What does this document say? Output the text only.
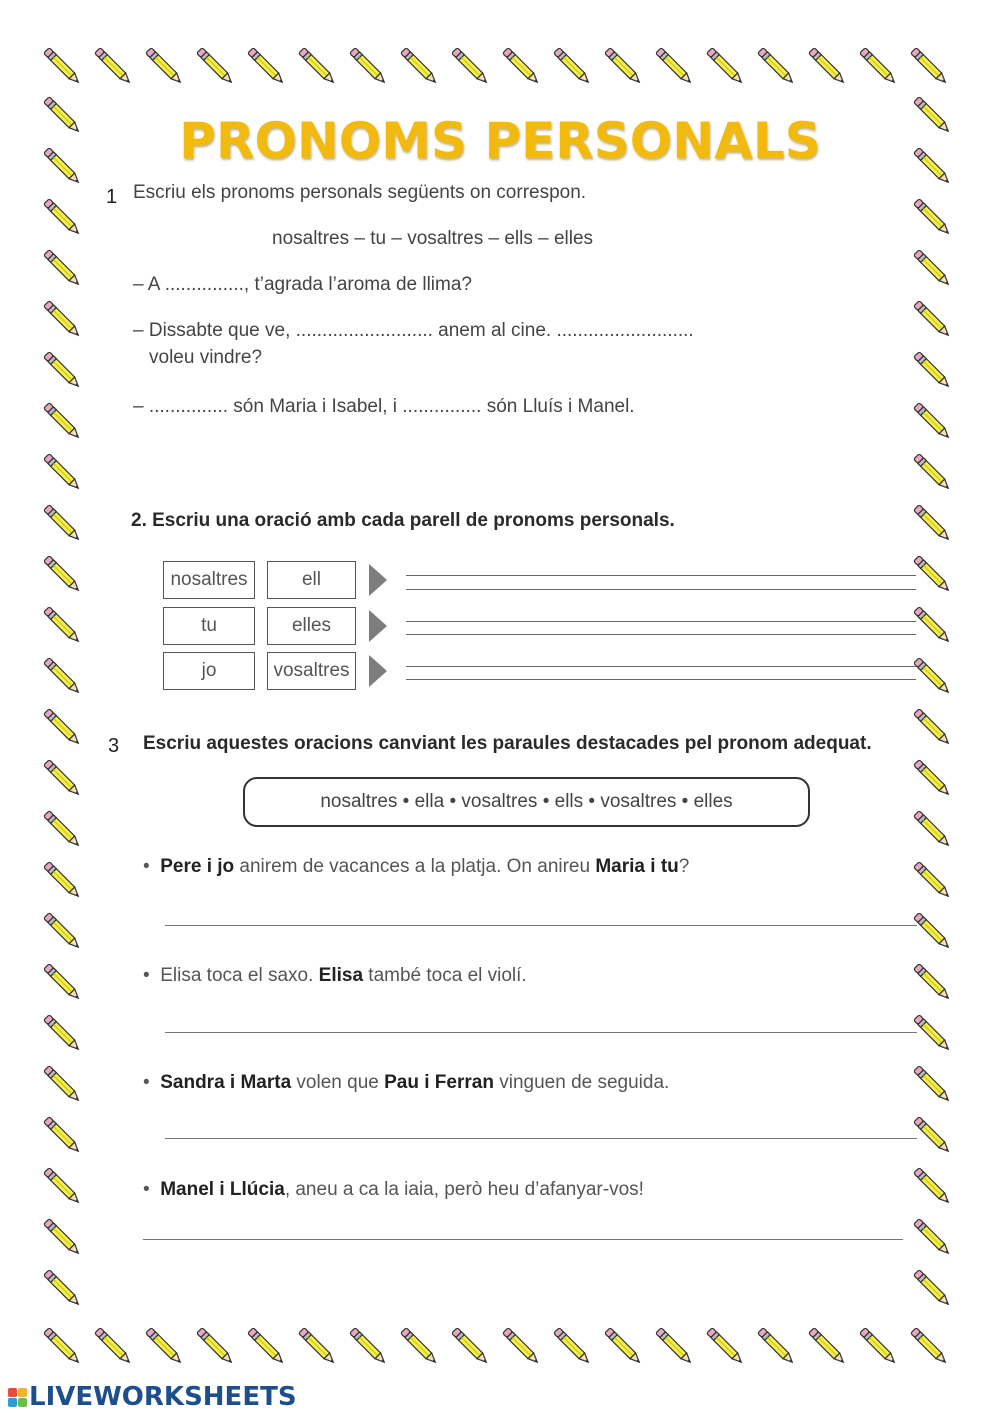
PRONOMS PERSONALS
1 Escriu els pronoms personals següents on correspon.
nosaltres – tu – vosaltres – ells – elles
– A ..............., t’agrada l’aroma de llima?
– Dissabte que ve, .......................... anem al cine. ..........................
voleu vindre?
– ............... són Maria i Isabel, i ............... són Lluís i Manel.
2. Escriu una oració amb cada parell de pronoms personals.
nosaltres	ell
tu	elles
jo	vosaltres
3 Escriu aquestes oracions canviant les paraules destacades pel pronom adequat.
nosaltres • ella • vosaltres • ells • vosaltres • elles
• Pere i jo anirem de vacances a la platja. On anireu Maria i tu?
• Elisa toca el saxo. Elisa també toca el violí.
• Sandra i Marta volen que Pau i Ferran vinguen de seguida.
• Manel i Llúcia, aneu a ca la iaia, però heu d’afanyar-vos!
LIVEWORKSHEETS
